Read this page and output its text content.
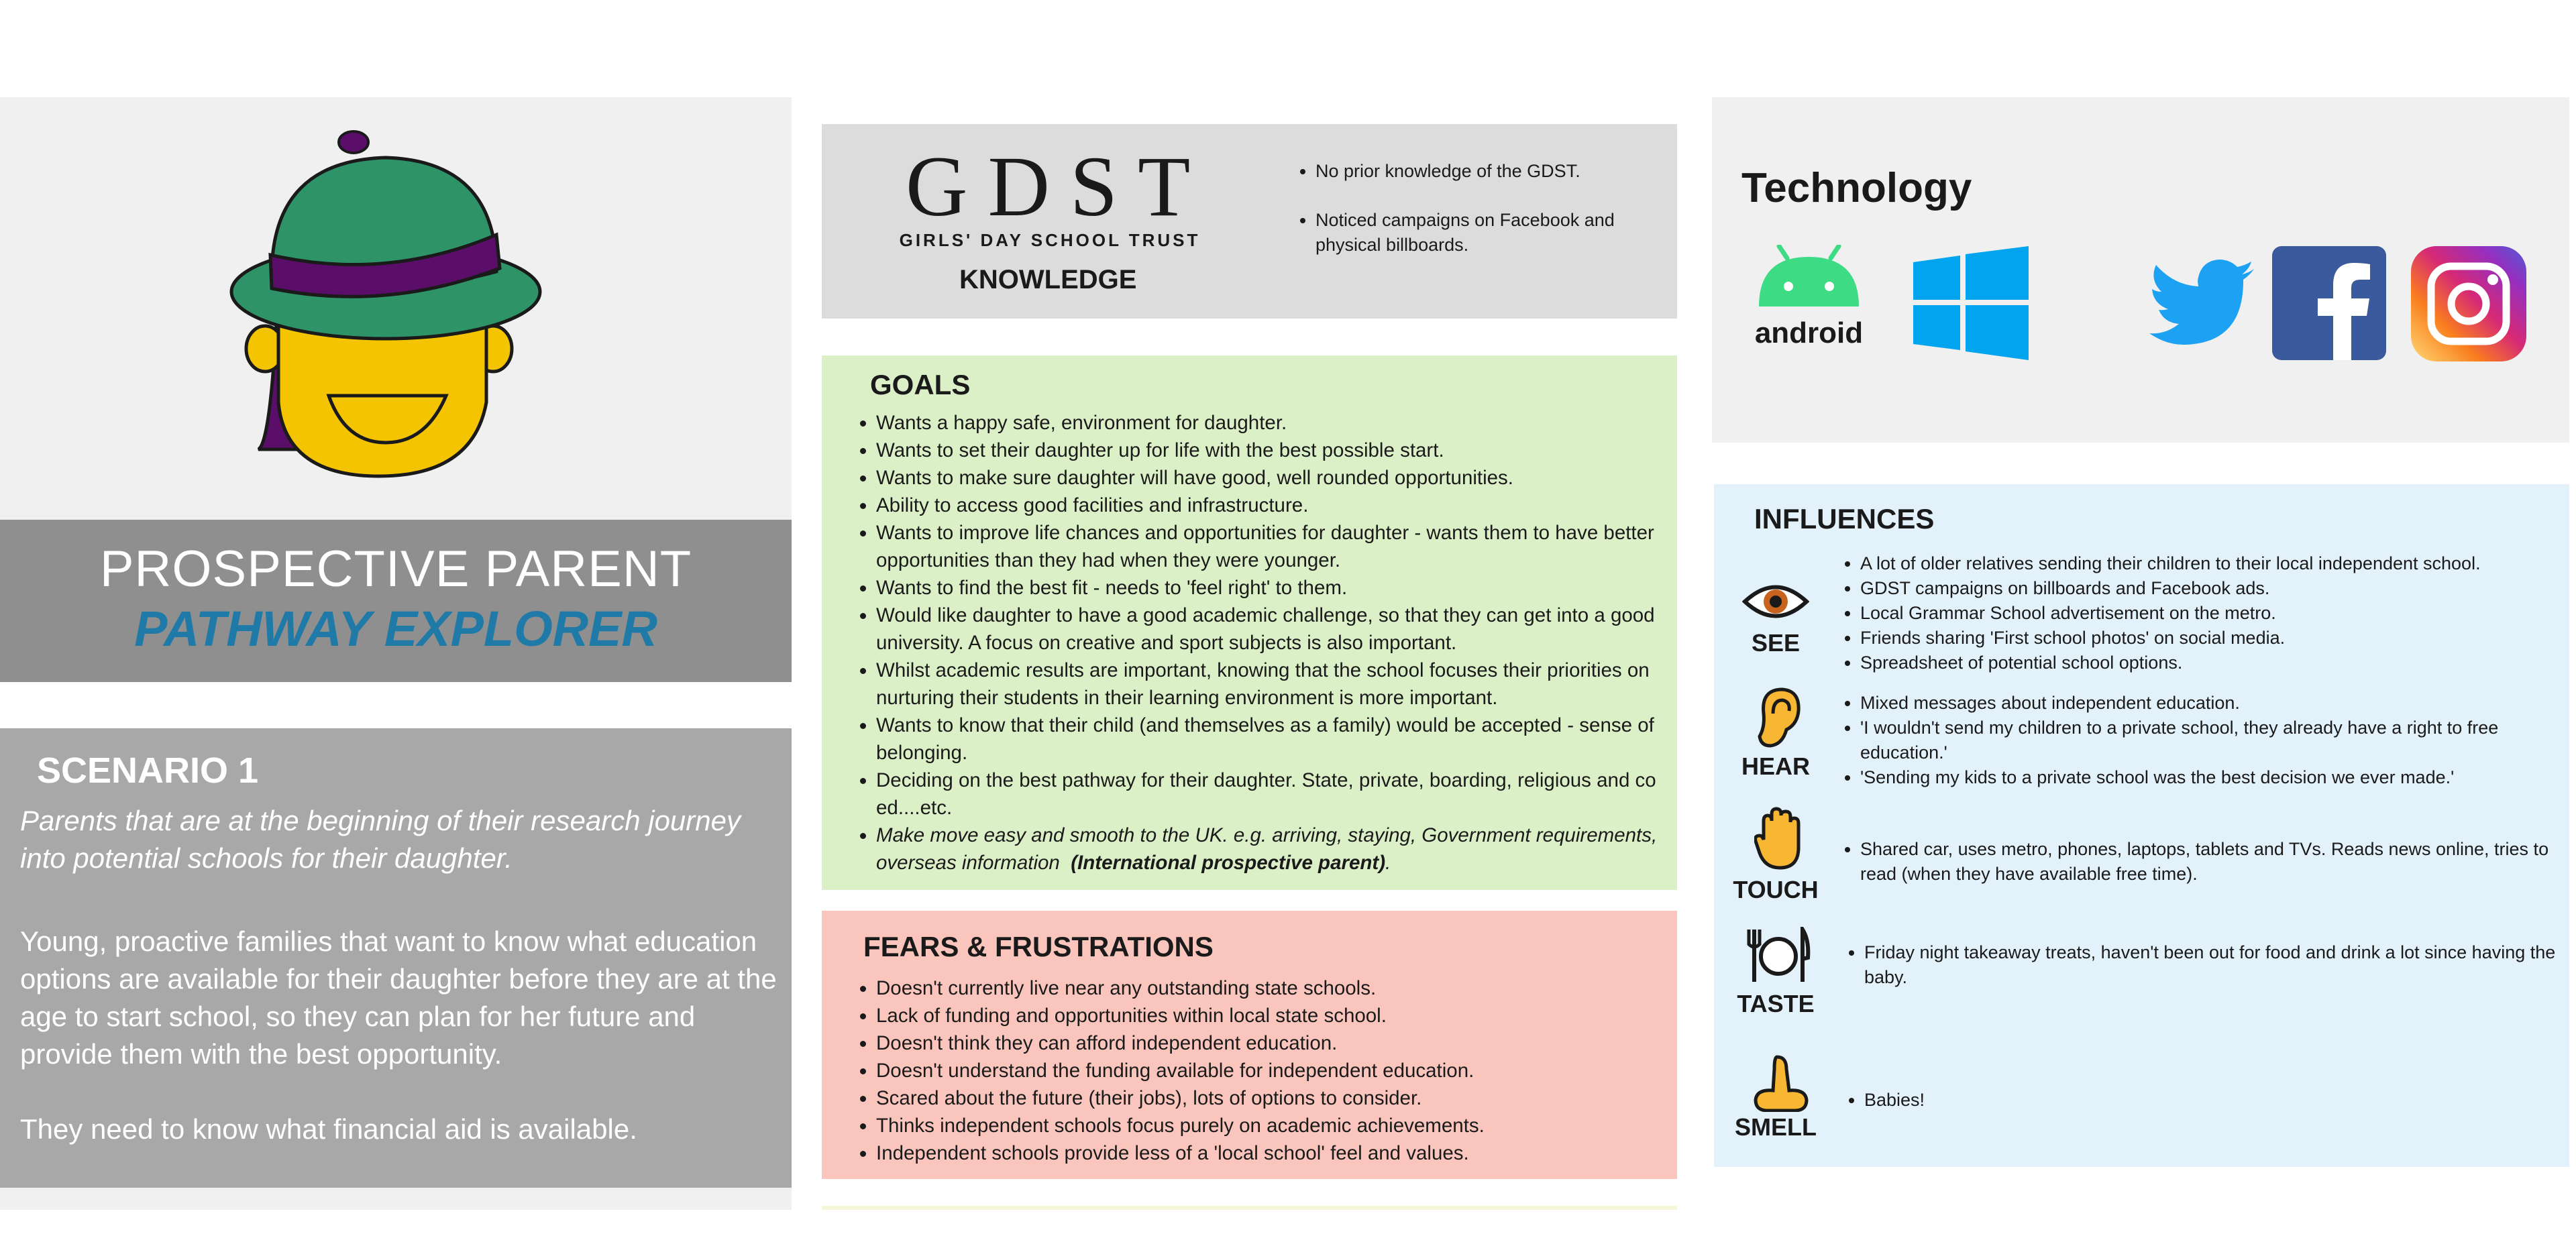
PROSPECTIVE PARENT
PATHWAY EXPLORER
SCENARIO 1
Parents that are at the beginning of their research journey into potential schools for their daughter.
Young, proactive families that want to know what education options are available for their daughter before they are at the age to start school, so they can plan for her future and provide them with the best opportunity.
They need to know what financial aid is available.
GDST
GIRLS' DAY SCHOOL TRUST
KNOWLEDGE
• No prior knowledge of the GDST.
• Noticed campaigns on Facebook and physical billboards.
GOALS
• Wants a happy safe, environment for daughter.
• Wants to set their daughter up for life with the best possible start.
• Wants to make sure daughter will have good, well rounded opportunities.
• Ability to access good facilities and infrastructure.
• Wants to improve life chances and opportunities for daughter - wants them to have better opportunities than they had when they were younger.
• Wants to find the best fit - needs to 'feel right' to them.
• Would like daughter to have a good academic challenge, so that they can get into a good university. A focus on creative and sport subjects is also important.
• Whilst academic results are important, knowing that the school focuses their priorities on nurturing their students in their learning environment is more important.
• Wants to know that their child (and themselves as a family) would be accepted - sense of belonging.
• Deciding on the best pathway for their daughter. State, private, boarding, religious and co ed....etc.
• Make move easy and smooth to the UK. e.g. arriving, staying, Government requirements, overseas information (International prospective parent).
FEARS & FRUSTRATIONS
• Doesn't currently live near any outstanding state schools.
• Lack of funding and opportunities within local state school.
• Doesn't think they can afford independent education.
• Doesn't understand the funding available for independent education.
• Scared about the future (their jobs), lots of options to consider.
• Thinks independent schools focus purely on academic achievements.
• Independent schools provide less of a 'local school' feel and values.
Technology
android
INFLUENCES
SEE
• A lot of older relatives sending their children to their local independent school.
• GDST campaigns on billboards and Facebook ads.
• Local Grammar School advertisement on the metro.
• Friends sharing 'First school photos' on social media.
• Spreadsheet of potential school options.
HEAR
• Mixed messages about independent education.
• 'I wouldn't send my children to a private school, they already have a right to free education.'
• 'Sending my kids to a private school was the best decision we ever made.'
TOUCH
• Shared car, uses metro, phones, laptops, tablets and TVs. Reads news online, tries to read (when they have available free time).
TASTE
• Friday night takeaway treats, haven't been out for food and drink a lot since having the baby.
SMELL
• Babies!
